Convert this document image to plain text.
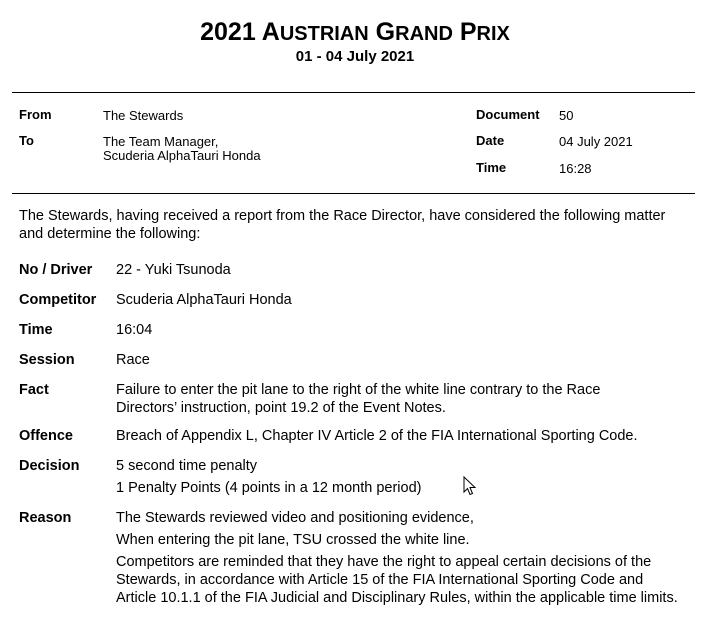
2021 AUSTRIAN GRAND PRIX
01 - 04 July 2021
From	The Stewards
To	The Team Manager,
Scuderia AlphaTauri Honda
Document 50
Date	04 July 2021
Time	16:28
The Stewards, having received a report from the Race Director, have considered the following matter and determine the following:
No / Driver 22 - Yuki Tsunoda
Competitor Scuderia AlphaTauri Honda
Time	16:04
Session	Race
Fact	Failure to enter the pit lane to the right of the white line contrary to the Race Directors’ instruction, point 19.2 of the Event Notes.
Offence	Breach of Appendix L, Chapter IV Article 2 of the FIA International Sporting Code.
Decision	5 second time penalty
1 Penalty Points (4 points in a 12 month period)
Reason	The Stewards reviewed video and positioning evidence,
When entering the pit lane, TSU crossed the white line.
Competitors are reminded that they have the right to appeal certain decisions of the Stewards, in accordance with Article 15 of the FIA International Sporting Code and Article 10.1.1 of the FIA Judicial and Disciplinary Rules, within the applicable time limits.
